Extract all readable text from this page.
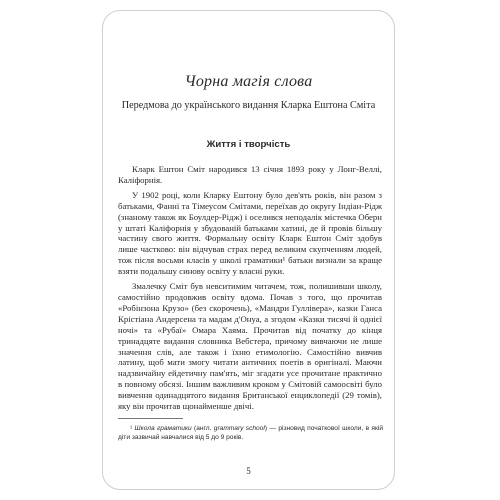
Чорна магія слова
Передмова до українського видання Кларка Ештона Сміта
Життя і творчість

Кларк Ештон Сміт народився 13 січня 1893 року у Лонг-Веллі, Каліфорнія.

У 1902 році, коли Кларку Ештону було дев'ять років, він разом з батьками, Фанні та Тімеусом Смітами, переїхав до округу Індіан-Рідж (знаному також як Боулдер-Рідж) і оселився неподалік містечка Оберн у штаті Каліфорнія у збудованій батьками хатині, де й провів більшу частину свого життя. Формальну освіту Кларк Ештон Сміт здобув лише частково: він відчував страх перед великим скупченням людей, тож після восьми класів у школі граматики¹ батьки визнали за краще взяти подальшу синову освіту у власні руки.

Змалечку Сміт був невситимим читачем, тож, полишивши школу, самостійно продовжив освіту вдома. Почав з того, що прочитав «Робінзона Крузо» (без скорочень), «Мандри Гуллівера», казки Ганса Крістіана Андерсена та мадам д'Онуа, а згодом «Казки тисячі й однієї ночі» та «Рубаї» Омара Хаяма. Прочитав від початку до кінця тринадцяте видання словника Вебстера, причому вивчаючи не лише значення слів, але також і їхню етимологію. Самостійно вивчив латину, щоб мати змогу читати античних поетів в оригіналі. Маючи надзвичайну ейдетичну пам'ять, міг згадати усе прочитане практично в повному обсязі. Іншим важливим кроком у Смітовій самоосвіті було вивчення одинадцятого видання Британської енциклопедії (29 томів), яку він прочитав щонайменше двічі.

¹ Школа граматики (англ. grammary school) — різновид початкової школи, в якій діти зазвичай навчалися від 5 до 9 років.
5
